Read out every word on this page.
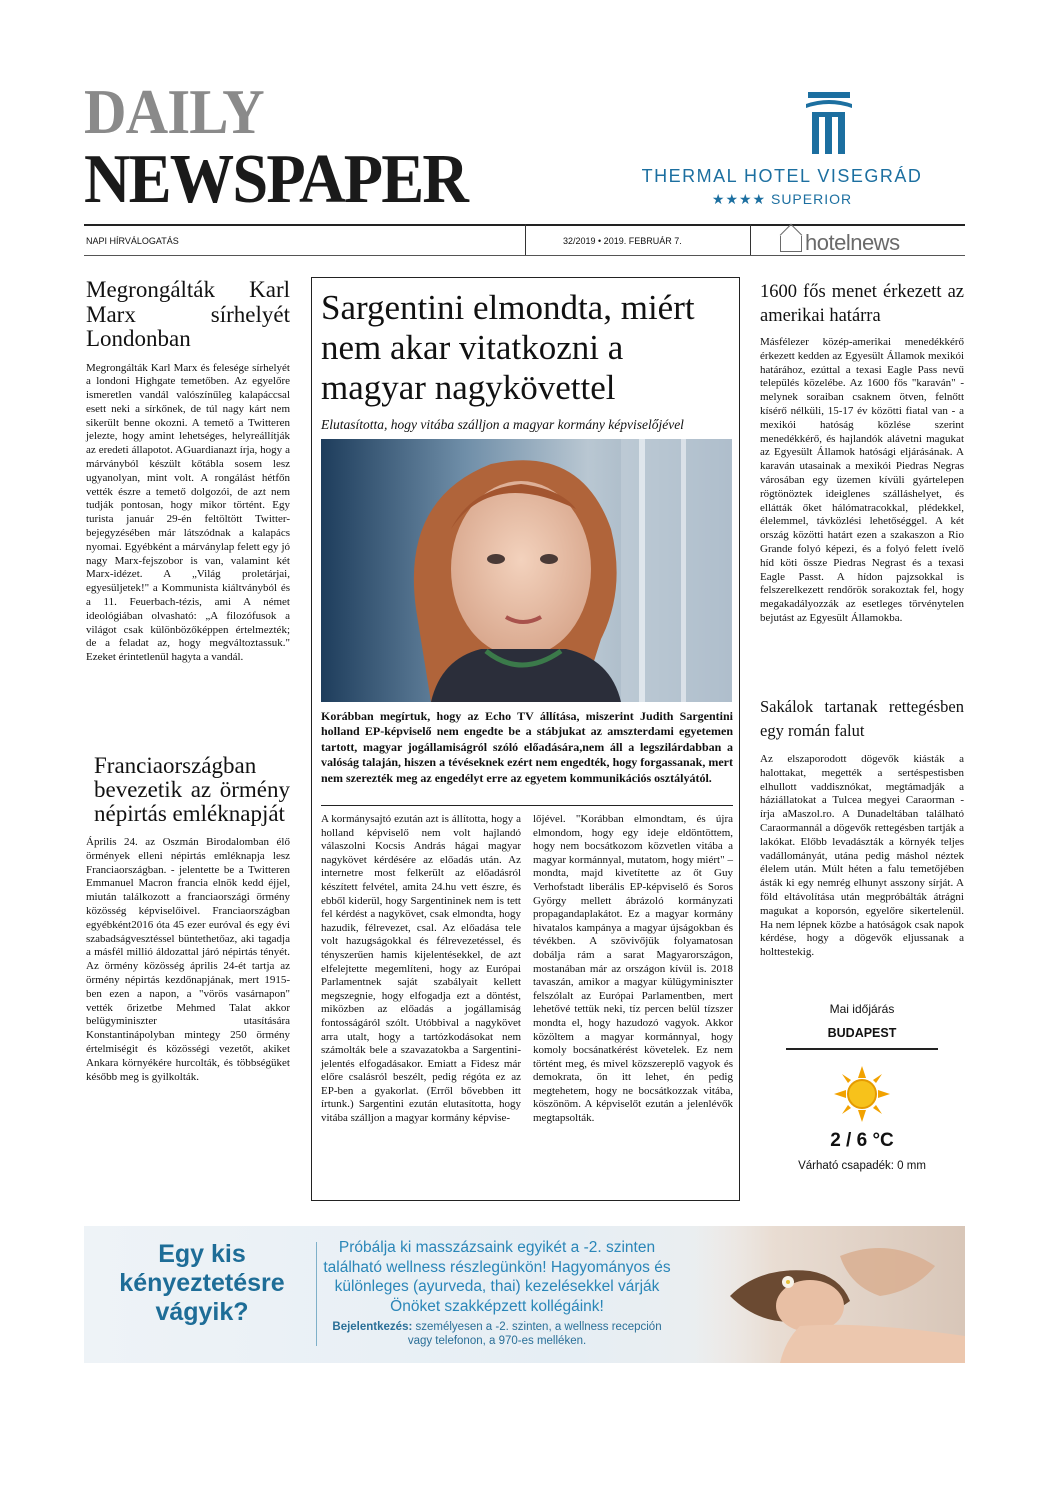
DAILY
NEWSPAPER	THERMAL HOTEL VISEGRÁD
★★★★ SUPERIOR
NAPI HÍRVÁLOGATÁS	32/2019 • 2019. FEBRUÁR 7.	hotelnews
Megrongálták Karl Marx sírhelyét Londonban
Megrongálták Karl Marx és felesége sírhelyét a londoni Highgate temetőben. Az egyelőre ismeretlen vandál valószínűleg kalapáccsal esett neki a sírkőnek, de túl nagy kárt nem sikerült benne okozni. A temető a Twitteren jelezte, hogy amint lehetséges, helyreállítják az eredeti állapotot. AGuardianazt írja, hogy a márványból készült kőtábla sosem lesz ugyanolyan, mint volt. A rongálást hétfőn vették észre a temető dolgozói, de azt nem tudják pontosan, hogy mikor történt. Egy turista január 29-én feltöltött Twitter-bejegyzésében már látszódnak a kalapács nyomai. Egyébként a márványlap felett egy jó nagy Marx-fejszobor is van, valamint két Marx-idézet. A „Világ proletárjai, egyesüljetek!" a Kommunista kiáltványból és a 11. Feuerbach-tézis, ami A német ideológiában olvasható: „A filozófusok a világot csak különbözőképpen értelmezték; de a feladat az, hogy megváltoztassuk." Ezeket érintetlenül hagyta a vandál.
Franciaországban bevezetik az örmény népirtás emléknapját
Április 24. az Oszmán Birodalomban élő örmények elleni népirtás emléknapja lesz Franciaországban. - jelentette be a Twitteren Emmanuel Macron francia elnök kedd éjjel, miután találkozott a franciaországi örmény közösség képviselőivel. Franciaországban egyébként2016 óta 45 ezer euróval és egy évi szabadságvesztéssel büntethetőaz, aki tagadja a másfél millió áldozattal járó népirtás tényét. Az örmény közösség április 24-ét tartja az örmény népirtás kezdőnapjának, mert 1915-ben ezen a napon, a "vörös vasárnapon" vették őrizetbe Mehmed Talat akkor belügyminiszter utasítására Konstantinápolyban mintegy 250 örmény értelmiségit és közösségi vezetőt, akiket Ankara környékére hurcolták, és többségüket később meg is gyilkolták.
Sargentini elmondta, miért nem akar vitatkozni a magyar nagykövettel
Elutasította, hogy vitába szálljon a magyar kormány képviselőjével
Korábban megírtuk, hogy az Echo TV állítása, miszerint Judith Sargentini holland EP-képviselő nem engedte be a stábjukat az amszterdami egyetemen tartott, magyar jogállamiságról szóló előadására,nem áll a legszilárdabban a valóság talaján, hiszen a tévéseknek ezért nem engedték, hogy forgassanak, mert nem szerezték meg az engedélyt erre az egyetem kommunikációs osztályától.
A kormánysajtó ezután azt is állította, hogy a holland képviselő nem volt hajlandó válaszolni Kocsis András hágai magyar nagykövet kérdésére az előadás után. Az internetre most felkerült az előadásról készített felvétel, amita 24.hu vett észre, és ebből kiderül, hogy Sargentininek nem is tett fel kérdést a nagykövet, csak elmondta, hogy hazudik, félrevezet, csal. Az előadása tele volt hazugságokkal és félrevezetéssel, és tényszerűen hamis kijelentésekkel, de azt elfelejtette megemlíteni, hogy az Európai Parlamentnek saját szabályait kellett megszegnie, hogy elfogadja ezt a döntést, miközben az előadás a jogállamiság fontosságáról szólt. Utóbbival a nagykövet arra utalt, hogy a tartózkodásokat nem számolták bele a szavazatokba a Sargentini-jelentés elfogadásakor. Emiatt a Fidesz már előre csalásról beszélt, pedig régóta ez az EP-ben a gyakorlat. (Erről bővebben itt írtunk.) Sargentini ezután elutasította, hogy vitába szálljon a magyar kormány képvise-
lőjével. "Korábban elmondtam, és újra elmondom, hogy egy ideje eldöntöttem, hogy nem bocsátkozom közvetlen vitába a magyar kormánnyal, mutatom, hogy miért" – mondta, majd kivetítette az őt Guy Verhofstadt liberális EP-képviselő és Soros György mellett ábrázoló kormányzati propagandaplakátot. Ez a magyar kormány hivatalos kampánya a magyar újságokban és tévékben. A szövivőjük folyamatosan dobálja rám a sarat Magyarországon, mostanában már az országon kívül is. 2018 tavaszán, amikor a magyar külügyminiszter felszólalt az Európai Parlamentben, mert lehetővé tettük neki, tíz percen belül tízszer mondta el, hogy hazudozó vagyok. Akkor közöltem a magyar kormánnyal, hogy komoly bocsánatkérést követelek. Ez nem történt meg, és mivel közszereplő vagyok és demokrata, ön itt lehet, én pedig megtehetem, hogy ne bocsátkozzak vitába, köszönöm. A képviselőt ezután a jelenlévők megtapsolták.
1600 fős menet érkezett az amerikai határra
Másfélezer közép-amerikai menedékkérő érkezett kedden az Egyesült Államok mexikói határához, ezúttal a texasi Eagle Pass nevű település közelébe. Az 1600 fős "karaván" - melynek soraiban csaknem ötven, felnőtt kísérő nélküli, 15-17 év közötti fiatal van - a mexikói hatóság közlése szerint menedékkérő, és hajlandók alávetni magukat az Egyesült Államok hatósági eljárásának. A karaván utasainak a mexikói Piedras Negras városában egy üzemen kívüli gyártelepen rögtönöztek ideiglenes szálláshelyet, és ellátták őket hálómatracokkal, plédekkel, élelemmel, távközlési lehetőséggel. A két ország közötti határt ezen a szakaszon a Rio Grande folyó képezi, és a folyó felett ívelő híd köti össze Piedras Negrast és a texasi Eagle Passt. A hídon pajzsokkal is felszerelkezett rendőrök sorakoztak fel, hogy megakadályozzák az esetleges törvénytelen bejutást az Egyesült Államokba.
Sakálok tartanak rettegésben egy román falut
Az elszaporodott dögevők kiásták a halottakat, megették a sertéspestisben elhullott vaddisznókat, megtámadják a háziállatokat a Tulcea megyei Caraorman - írja aMaszol.ro. A Dunadeltában található Caraormannál a dögevők rettegésben tartják a lakókat. Előbb levadászták a környék teljes vadállományát, utána pedig máshol néztek élelem után. Múlt héten a falu temetőjében ásták ki egy nemrég elhunyt asszony sírját. A föld eltávolítása után megpróbálták átrágni magukat a koporsón, egyelőre sikertelenül. Ha nem lépnek közbe a hatóságok csak napok kérdése, hogy a dögevők eljussanak a holttestekig.
Mai időjárás
BUDAPEST
2 / 6 °C
Várható csapadék: 0 mm
Egy kis kényeztetésre vágyik?
Próbálja ki masszázsaink egyikét a -2. szinten található wellness részlegünkön! Hagyományos és különleges (ayurveda, thai) kezelésekkel várják Önöket szakképzett kollégáink!
Bejelentkezés: személyesen a -2. szinten, a wellness recepción vagy telefonon, a 970-es melléken.
